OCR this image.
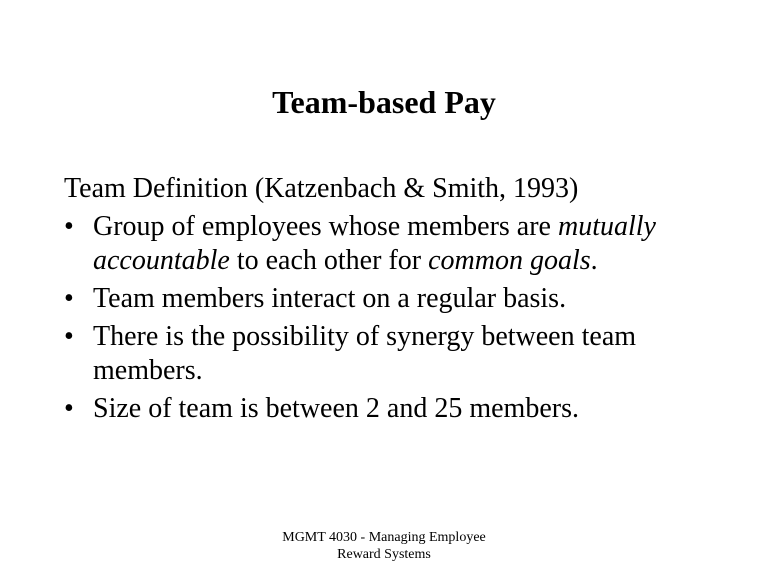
Team-based Pay

Team Definition (Katzenbach & Smith, 1993)

• Group of employees whose members are mutually accountable to each other for common goals.
• Team members interact on a regular basis.
• There is the possibility of synergy between team members.
• Size of team is between 2 and 25 members.
MGMT 4030 - Managing Employee
Reward Systems
